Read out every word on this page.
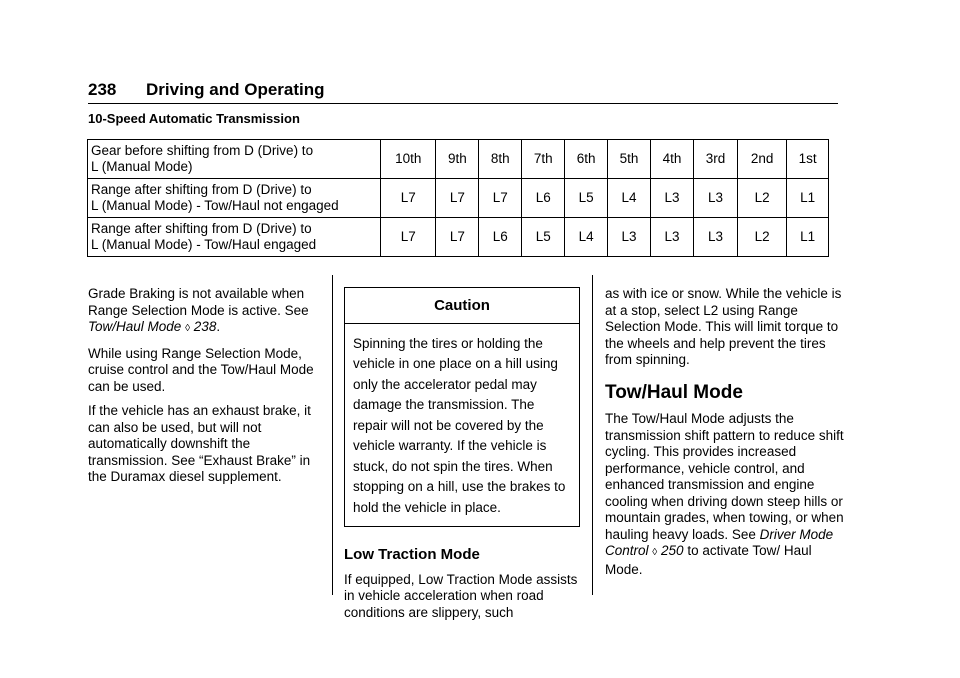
238 Driving and Operating
10-Speed Automatic Transmission
Gear before shifting from D (Drive) to
L (Manual Mode)	10th	9th	8th	7th	6th	5th	4th	3rd	2nd	1st

Range after shifting from D (Drive) to
L (Manual Mode) - Tow/Haul not engaged	L7	L7	L7	L6	L5	L4	L3	L3	L2	L1

Range after shifting from D (Drive) to
L (Manual Mode) - Tow/Haul engaged	L7	L7	L6	L5	L4	L3	L3	L3	L2	L1

Grade Braking is not available when Range Selection Mode is active. See Tow/Haul Mode ◊ 238.

While using Range Selection Mode, cruise control and the Tow/Haul Mode can be used.

If the vehicle has an exhaust brake, it can also be used, but will not automatically downshift the transmission. See “Exhaust Brake” in the Duramax diesel supplement.

Caution
Spinning the tires or holding the vehicle in one place on a hill using only the accelerator pedal may damage the transmission. The repair will not be covered by the vehicle warranty. If the vehicle is stuck, do not spin the tires. When stopping on a hill, use the brakes to hold the vehicle in place.
Low Traction Mode

If equipped, Low Traction Mode assists in vehicle acceleration when road conditions are slippery, such

as with ice or snow. While the vehicle is at a stop, select L2 using Range Selection Mode. This will limit torque to the wheels and help prevent the tires from spinning.

Tow/Haul Mode

The Tow/Haul Mode adjusts the transmission shift pattern to reduce shift cycling. This provides increased performance, vehicle control, and enhanced transmission and engine cooling when driving down steep hills or mountain grades, when towing, or when hauling heavy loads. See Driver Mode Control ◊ 250 to activate Tow/ Haul Mode.
